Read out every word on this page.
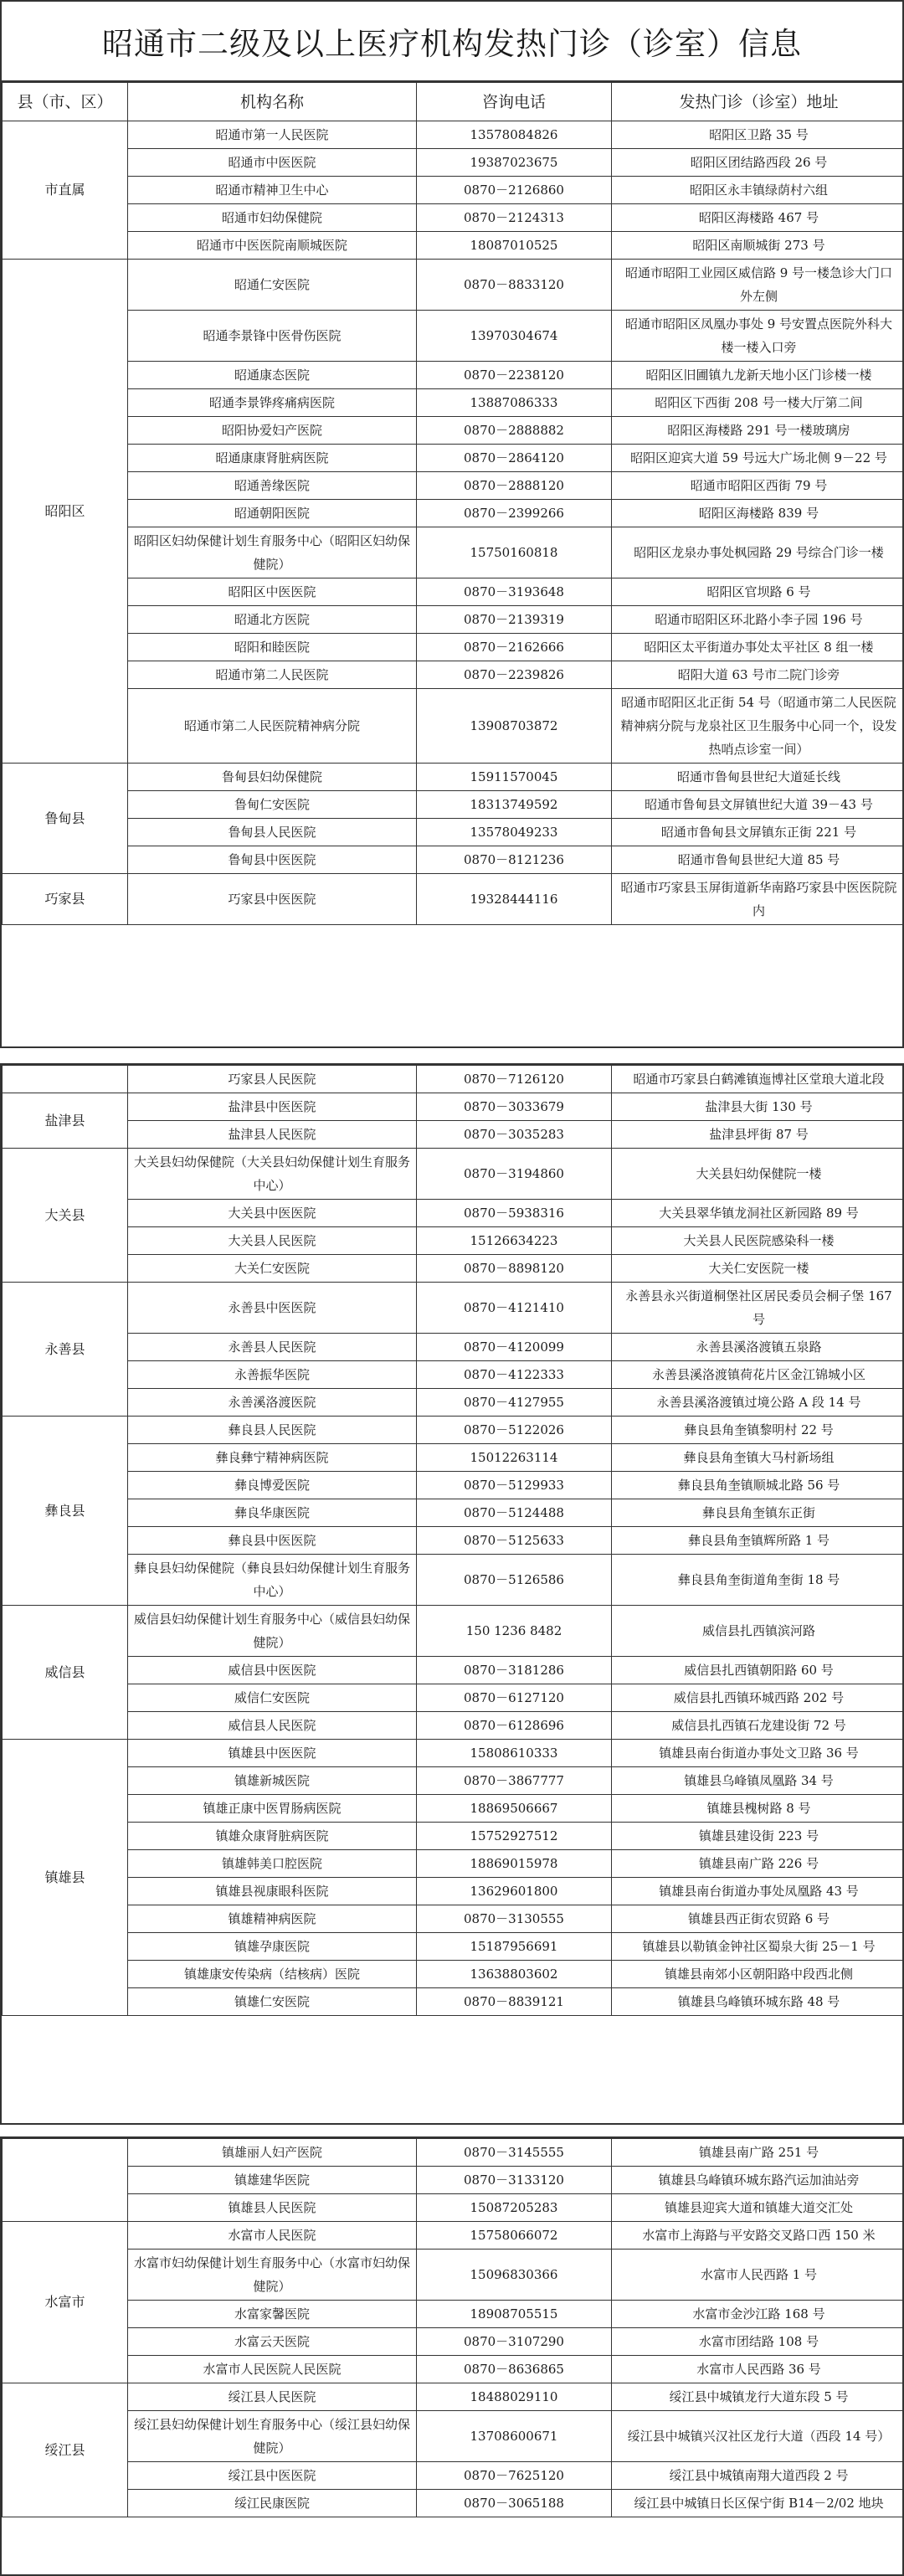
昭通市二级及以上医疗机构发热门诊（诊室）信息
县（市、区）	机构名称	咨询电话	发热门诊（诊室）地址
市直属	昭通市第一人民医院	13578084826	昭阳区卫路 35 号
	昭通市中医医院	19387023675	昭阳区团结路西段 26 号
	昭通市精神卫生中心	0870－2126860	昭阳区永丰镇绿荫村六组
	昭通市妇幼保健院	0870－2124313	昭阳区海楼路 467 号
	昭通市中医医院南顺城医院	18087010525	昭阳区南顺城街 273 号
昭阳区	昭通仁安医院	0870－8833120	昭通市昭阳工业园区威信路 9 号一楼急诊大门口外左侧
	昭通李景锋中医骨伤医院	13970304674	昭通市昭阳区凤凰办事处 9 号安置点医院外科大楼一楼入口旁
	昭通康态医院	0870－2238120	昭阳区旧圃镇九龙新天地小区门诊楼一楼
	昭通李景铧疼痛病医院	13887086333	昭阳区下西街 208 号一楼大厅第二间
	昭阳协爱妇产医院	0870－2888882	昭阳区海楼路 291 号一楼玻璃房
	昭通康康肾脏病医院	0870－2864120	昭阳区迎宾大道 59 号远大广场北侧 9－22 号
	昭通善缘医院	0870－2888120	昭通市昭阳区西街 79 号
	昭通朝阳医院	0870－2399266	昭阳区海楼路 839 号
	昭阳区妇幼保健计划生育服务中心（昭阳区妇幼保健院）	15750160818	昭阳区龙泉办事处枫园路 29 号综合门诊一楼
	昭阳区中医医院	0870－3193648	昭阳区官坝路 6 号
	昭通北方医院	0870－2139319	昭通市昭阳区环北路小李子园 196 号
	昭阳和睦医院	0870－2162666	昭阳区太平街道办事处太平社区 8 组一楼
	昭通市第二人民医院	0870－2239826	昭阳大道 63 号市二院门诊旁
	昭通市第二人民医院精神病分院	13908703872	昭通市昭阳区北正街 54 号（昭通市第二人民医院精神病分院与龙泉社区卫生服务中心同一个，设发热哨点诊室一间）
鲁甸县	鲁甸县妇幼保健院	15911570045	昭通市鲁甸县世纪大道延长线
	鲁甸仁安医院	18313749592	昭通市鲁甸县文屏镇世纪大道 39－43 号
	鲁甸县人民医院	13578049233	昭通市鲁甸县文屏镇东正街 221 号
	鲁甸县中医医院	0870－8121236	昭通市鲁甸县世纪大道 85 号
巧家县	巧家县中医医院	19328444116	昭通市巧家县玉屏街道新华南路巧家县中医医院院内
	巧家县人民医院	0870－7126120	昭通市巧家县白鹤滩镇迤博社区堂琅大道北段
盐津县	盐津县中医医院	0870－3033679	盐津县大街 130 号
	盐津县人民医院	0870－3035283	盐津县坪街 87 号
大关县	大关县妇幼保健院（大关县妇幼保健计划生育服务中心）	0870－3194860	大关县妇幼保健院一楼
	大关县中医医院	0870－5938316	大关县翠华镇龙洞社区新园路 89 号
	大关县人民医院	15126634223	大关县人民医院感染科一楼
	大关仁安医院	0870－8898120	大关仁安医院一楼
永善县	永善县中医医院	0870－4121410	永善县永兴街道桐堡社区居民委员会桐子堡 167 号
	永善县人民医院	0870－4120099	永善县溪洛渡镇五泉路
	永善振华医院	0870－4122333	永善县溪洛渡镇荷花片区金江锦城小区
	永善溪洛渡医院	0870－4127955	永善县溪洛渡镇过境公路 A 段 14 号
彝良县	彝良县人民医院	0870－5122026	彝良县角奎镇黎明村 22 号
	彝良彝宁精神病医院	15012263114	彝良县角奎镇大马村新场组
	彝良博爱医院	0870－5129933	彝良县角奎镇顺城北路 56 号
	彝良华康医院	0870－5124488	彝良县角奎镇东正街
	彝良县中医医院	0870－5125633	彝良县角奎镇辉所路 1 号
	彝良县妇幼保健院（彝良县妇幼保健计划生育服务中心）	0870－5126586	彝良县角奎街道角奎街 18 号
威信县	威信县妇幼保健计划生育服务中心（威信县妇幼保健院）	150 1236 8482	威信县扎西镇滨河路
	威信县中医医院	0870－3181286	威信县扎西镇朝阳路 60 号
	威信仁安医院	0870－6127120	威信县扎西镇环城西路 202 号
	威信县人民医院	0870－6128696	威信县扎西镇石龙建设街 72 号
镇雄县	镇雄县中医医院	15808610333	镇雄县南台街道办事处文卫路 36 号
	镇雄新城医院	0870－3867777	镇雄县乌峰镇凤凰路 34 号
	镇雄正康中医胃肠病医院	18869506667	镇雄县槐树路 8 号
	镇雄众康肾脏病医院	15752927512	镇雄县建设街 223 号
	镇雄韩美口腔医院	18869015978	镇雄县南广路 226 号
	镇雄县视康眼科医院	13629601800	镇雄县南台街道办事处凤凰路 43 号
	镇雄精神病医院	0870－3130555	镇雄县西正街农贸路 6 号
	镇雄孕康医院	15187956691	镇雄县以勒镇金钟社区蜀泉大街 25－1 号
	镇雄康安传染病（结核病）医院	13638803602	镇雄县南郊小区朝阳路中段西北侧
	镇雄仁安医院	0870－8839121	镇雄县乌峰镇环城东路 48 号
	镇雄丽人妇产医院	0870－3145555	镇雄县南广路 251 号
	镇雄建华医院	0870－3133120	镇雄县乌峰镇环城东路汽运加油站旁
	镇雄县人民医院	15087205283	镇雄县迎宾大道和镇雄大道交汇处
水富市	水富市人民医院	15758066072	水富市上海路与平安路交叉路口西 150 米
	水富市妇幼保健计划生育服务中心（水富市妇幼保健院）	15096830366	水富市人民西路 1 号
	水富家馨医院	18908705515	水富市金沙江路 168 号
	水富云天医院	0870－3107290	水富市团结路 108 号
	水富市人民医院人民医院	0870－8636865	水富市人民西路 36 号
绥江县	绥江县人民医院	18488029110	绥江县中城镇龙行大道东段 5 号
	绥江县妇幼保健计划生育服务中心（绥江县妇幼保健院）	13708600671	绥江县中城镇兴汉社区龙行大道（西段 14 号）
	绥江县中医医院	0870－7625120	绥江县中城镇南翔大道西段 2 号
	绥江民康医院	0870－3065188	绥江县中城镇日长区保宁街 B14－2/02 地块
